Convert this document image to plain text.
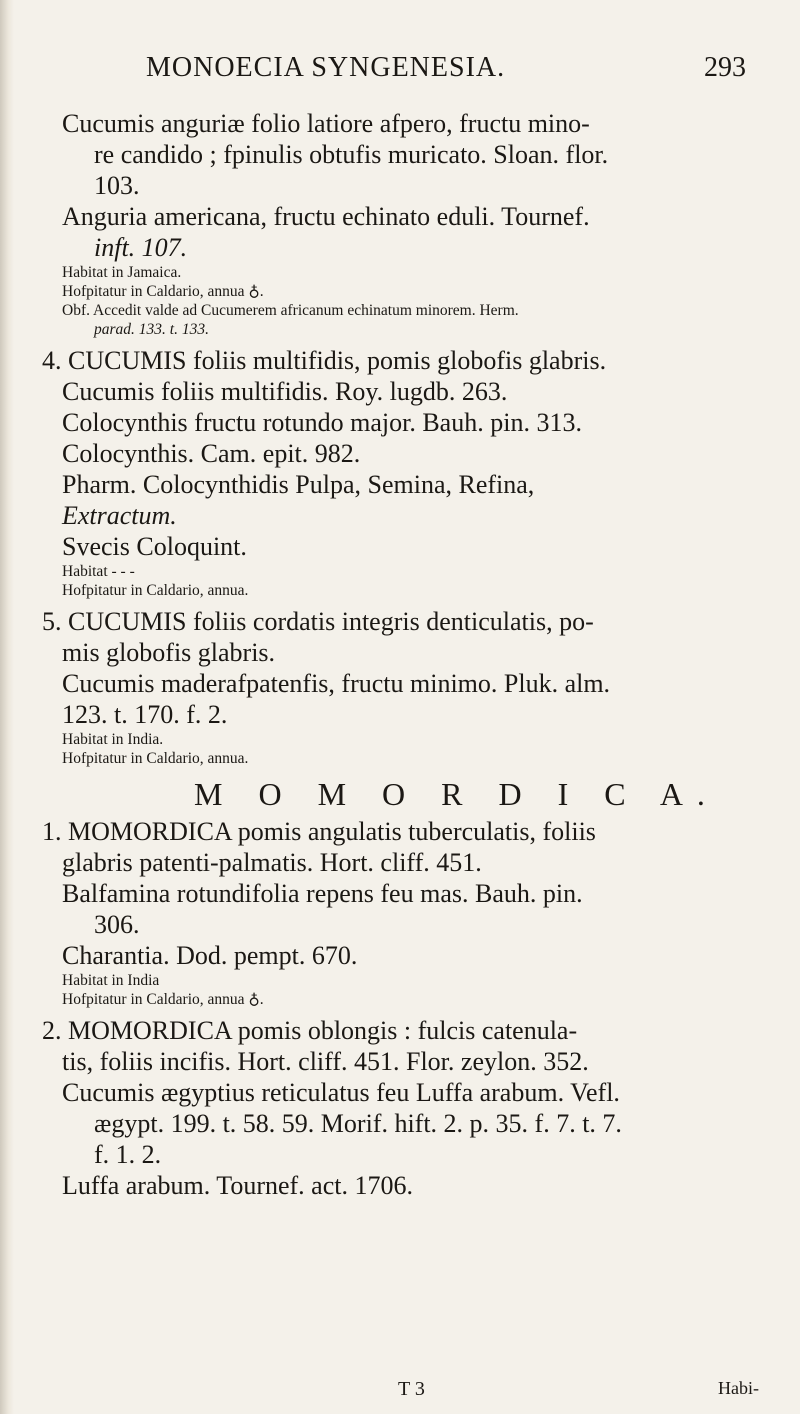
MONOECIA SYNGENESIA.	293
Cucumis anguriæ folio latiore afpero, fructu mino-
re candido ; fpinulis obtufis muricato. Sloan. flor.
103.
Anguria americana, fructu echinato eduli. Tournef.
inft. 107.
Habitat in Jamaica.
Hofpitatur in Caldario, annua ♁.
Obf. Accedit valde ad Cucumerem africanum echinatum minorem. Herm.
parad. 133. t. 133.
4. CUCUMIS foliis multifidis, pomis globofis glabris.
Cucumis foliis multifidis. Roy. lugdb. 263.
Colocynthis fructu rotundo major. Bauh. pin. 313.
Colocynthis. Cam. epit. 982.
Pharm. Colocynthidis Pulpa, Semina, Refina,
Extractum.
Svecis Coloquint.
Habitat - - -
Hofpitatur in Caldario, annua.
5. CUCUMIS foliis cordatis integris denticulatis, po-
mis globofis glabris.
Cucumis maderafpatenfis, fructu minimo. Pluk. alm.
123. t. 170. f. 2.
Habitat in India.
Hofpitatur in Caldario, annua.
M O M O R D I C A.
1. MOMORDICA pomis angulatis tuberculatis, foliis
glabris patenti-palmatis. Hort. cliff. 451.
Balfamina rotundifolia repens feu mas. Bauh. pin.
306.
Charantia. Dod. pempt. 670.
Habitat in India
Hofpitatur in Caldario, annua ♁.
2. MOMORDICA pomis oblongis : fulcis catenula-
tis, foliis incifis. Hort. cliff. 451. Flor. zeylon. 352.
Cucumis ægyptius reticulatus feu Luffa arabum. Vefl.
ægypt. 199. t. 58. 59. Morif. hift. 2. p. 35. f. 7. t. 7.
f. 1. 2.
Luffa arabum. Tournef. act. 1706.
T 3	Habi-
